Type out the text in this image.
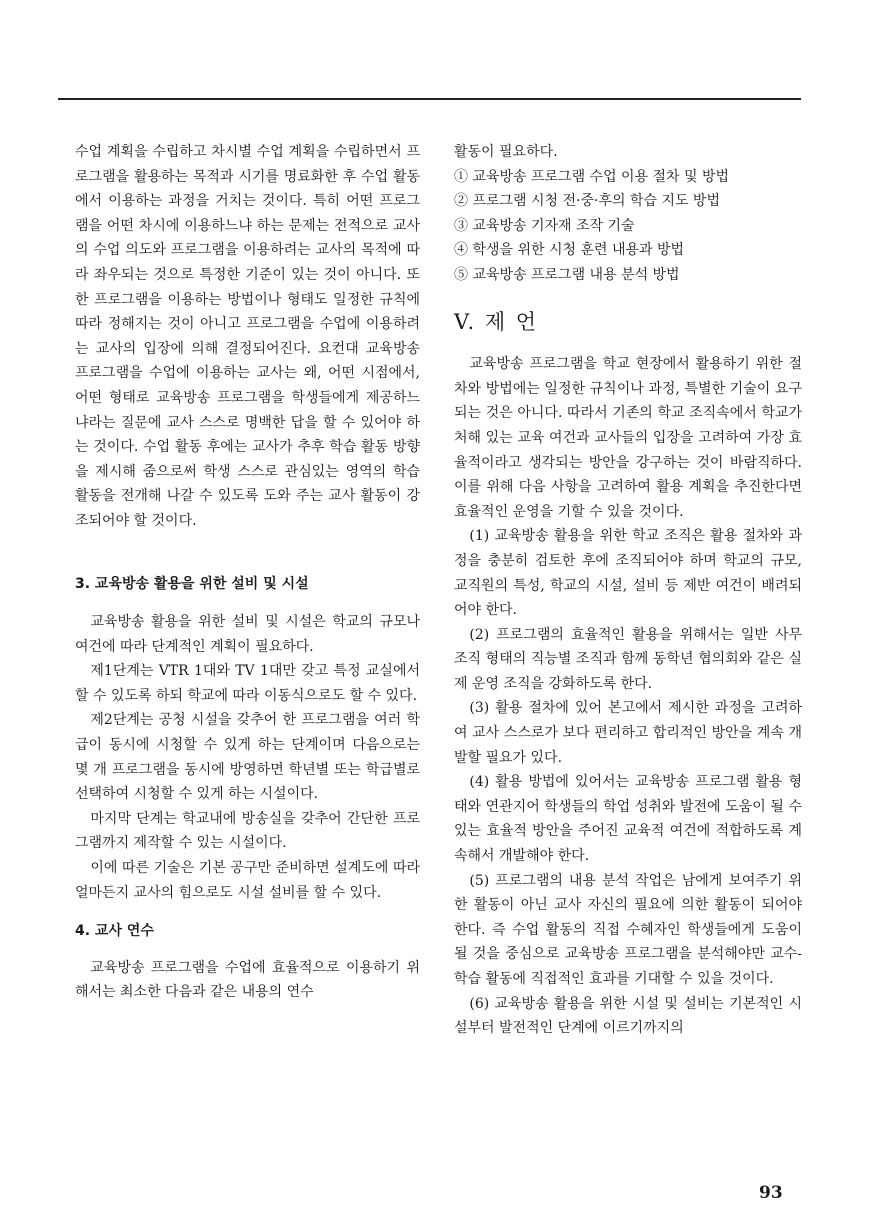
수업 계획을 수립하고 차시별 수업 계획을 수립하면서 프로그램을 활용하는 목적과 시기를 명료화한 후 수업 활동에서 이용하는 과정을 거치는 것이다. 특히 어떤 프로그램을 어떤 차시에 이용하느냐 하는 문제는 전적으로 교사의 수업 의도와 프로그램을 이용하려는 교사의 목적에 따라 좌우되는 것으로 특정한 기준이 있는 것이 아니다. 또한 프로그램을 이용하는 방법이나 형태도 일정한 규칙에 따라 정해지는 것이 아니고 프로그램을 수업에 이용하려는 교사의 입장에 의해 결정되어진다. 요컨대 교육방송 프로그램을 수업에 이용하는 교사는 왜, 어떤 시점에서, 어떤 형태로 교육방송 프로그램을 학생들에게 제공하느냐라는 질문에 교사 스스로 명백한 답을 할 수 있어야 하는 것이다. 수업 활동 후에는 교사가 추후 학습 활동 방향을 제시해 줌으로써 학생 스스로 관심있는 영역의 학습 활동을 전개해 나갈 수 있도록 도와 주는 교사 활동이 강조되어야 할 것이다.

3. 교육방송 활용을 위한 설비 및 시설

교육방송 활용을 위한 설비 및 시설은 학교의 규모나 여건에 따라 단계적인 계획이 필요하다.

제1단계는 VTR 1대와 TV 1대만 갖고 특정 교실에서 할 수 있도록 하되 학교에 따라 이동식으로도 할 수 있다.

제2단계는 공청 시설을 갖추어 한 프로그램을 여러 학급이 동시에 시청할 수 있게 하는 단계이며 다음으로는 몇 개 프로그램을 동시에 방영하면 학년별 또는 학급별로 선택하여 시청할 수 있게 하는 시설이다.

마지막 단계는 학교내에 방송실을 갖추어 간단한 프로그램까지 제작할 수 있는 시설이다.

이에 따른 기술은 기본 공구만 준비하면 설계도에 따라 얼마든지 교사의 힘으로도 시설 설비를 할 수 있다.

4. 교사 연수

교육방송 프로그램을 수업에 효율적으로 이용하기 위해서는 최소한 다음과 같은 내용의 연수

활동이 필요하다.

① 교육방송 프로그램 수업 이용 절차 및 방법

② 프로그램 시청 전·중·후의 학습 지도 방법

③ 교육방송 기자재 조작 기술

④ 학생을 위한 시청 훈련 내용과 방법

⑤ 교육방송 프로그램 내용 분석 방법

V. 제 언

교육방송 프로그램을 학교 현장에서 활용하기 위한 절차와 방법에는 일정한 규칙이나 과정, 특별한 기술이 요구되는 것은 아니다. 따라서 기존의 학교 조직속에서 학교가 처해 있는 교육 여건과 교사들의 입장을 고려하여 가장 효율적이라고 생각되는 방안을 강구하는 것이 바람직하다. 이를 위해 다음 사항을 고려하여 활용 계획을 추진한다면 효율적인 운영을 기할 수 있을 것이다.

(1) 교육방송 활용을 위한 학교 조직은 활용 절차와 과정을 충분히 검토한 후에 조직되어야 하며 학교의 규모, 교직원의 특성, 학교의 시설, 설비 등 제반 여건이 배려되어야 한다.

(2) 프로그램의 효율적인 활용을 위해서는 일반 사무 조직 형태의 직능별 조직과 함께 동학년 협의회와 같은 실제 운영 조직을 강화하도록 한다.

(3) 활용 절차에 있어 본고에서 제시한 과정을 고려하여 교사 스스로가 보다 편리하고 합리적인 방안을 계속 개발할 필요가 있다.

(4) 활용 방법에 있어서는 교육방송 프로그램 활용 형태와 연관지어 학생들의 학업 성취와 발전에 도움이 될 수 있는 효율적 방안을 주어진 교육적 여건에 적합하도록 계속해서 개발해야 한다.

(5) 프로그램의 내용 분석 작업은 남에게 보여주기 위한 활동이 아닌 교사 자신의 필요에 의한 활동이 되어야 한다. 즉 수업 활동의 직접 수혜자인 학생들에게 도움이 될 것을 중심으로 교육방송 프로그램을 분석해야만 교수-학습 활동에 직접적인 효과를 기대할 수 있을 것이다.

(6) 교육방송 활용을 위한 시설 및 설비는 기본적인 시설부터 발전적인 단계에 이르기까지의

93
